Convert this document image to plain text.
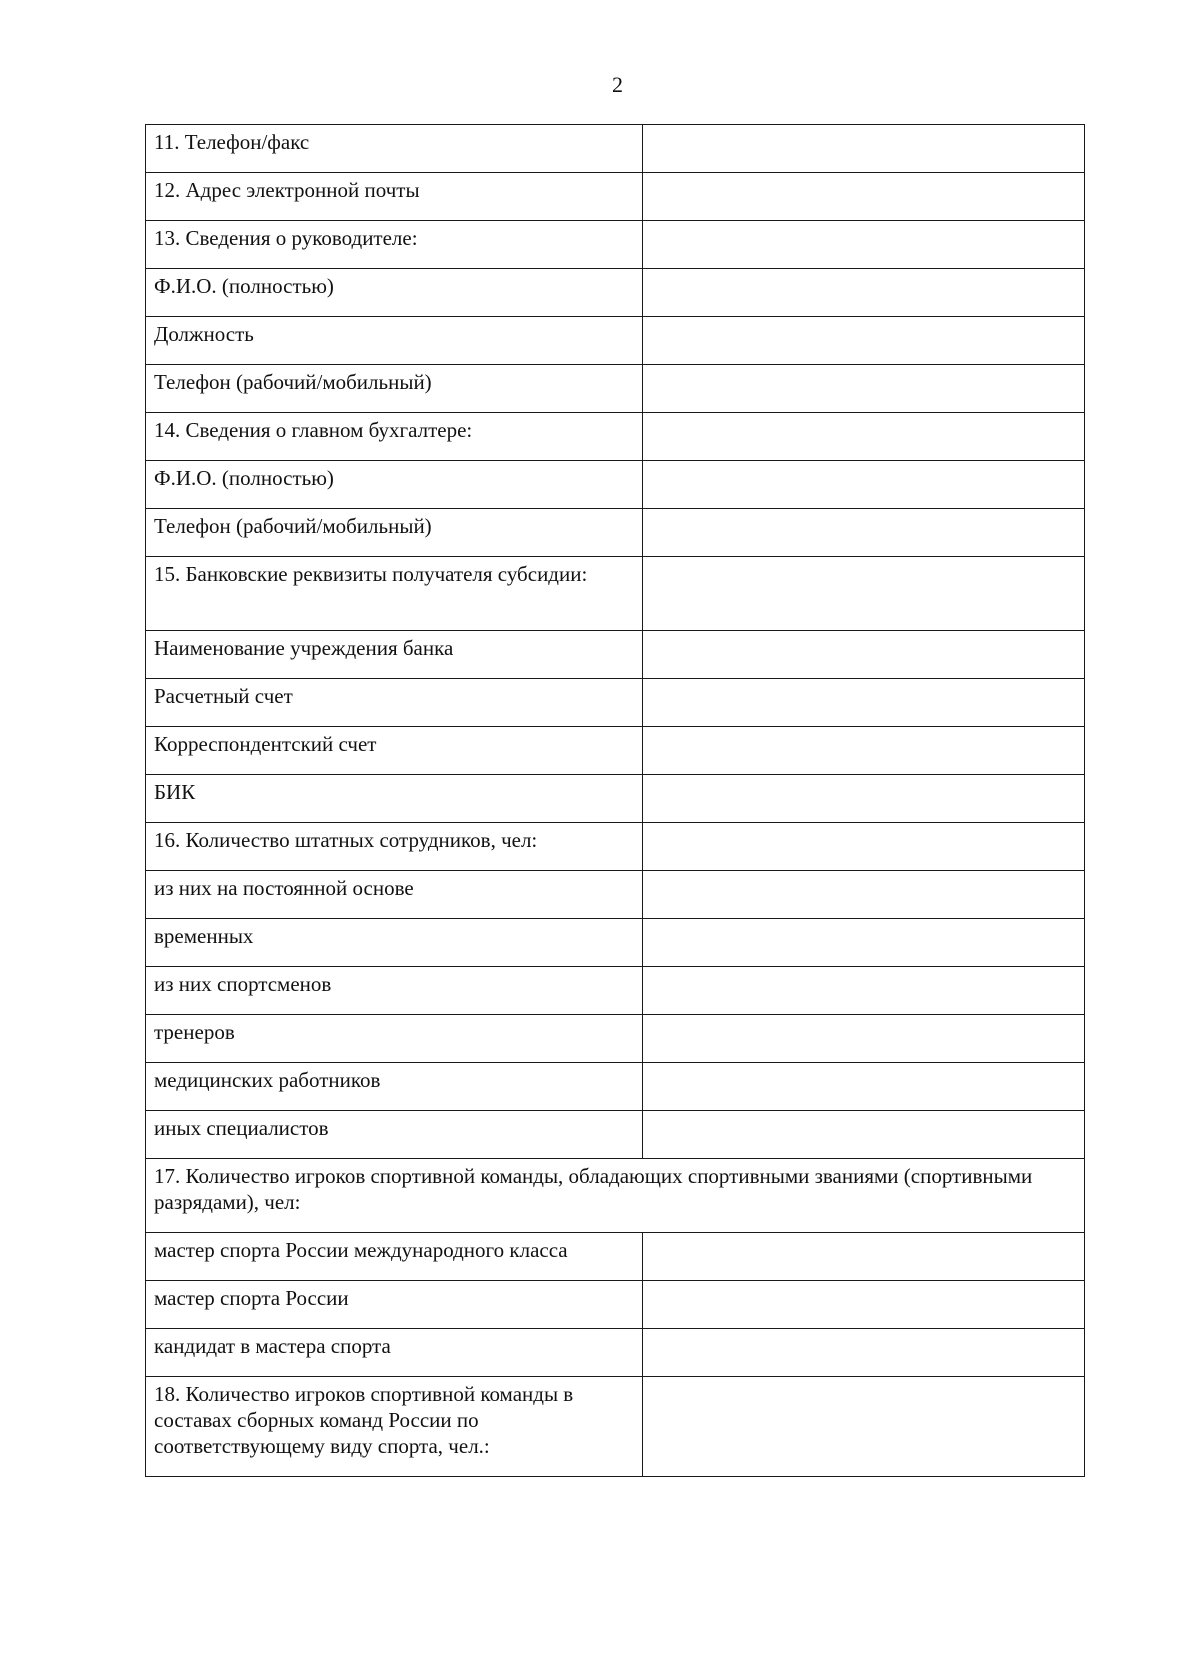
2
11. Телефон/факс	
12. Адрес электронной почты	
13. Сведения о руководителе:	
Ф.И.О. (полностью)	
Должность	
Телефон (рабочий/мобильный)	
14. Сведения о главном бухгалтере:	
Ф.И.О. (полностью)	
Телефон (рабочий/мобильный)	
15. Банковские реквизиты получателя субсидии:	
Наименование учреждения банка	
Расчетный счет	
Корреспондентский счет	
БИК	
16. Количество штатных сотрудников, чел:	
из них на постоянной основе	
временных	
из них спортсменов	
тренеров	
медицинских работников	
иных специалистов	
17. Количество игроков спортивной команды, обладающих спортивными званиями (спортивными разрядами), чел:	
мастер спорта России международного класса	
мастер спорта России	
кандидат в мастера спорта	
18. Количество игроков спортивной команды в составах сборных команд России по соответствующему виду спорта, чел.:	
